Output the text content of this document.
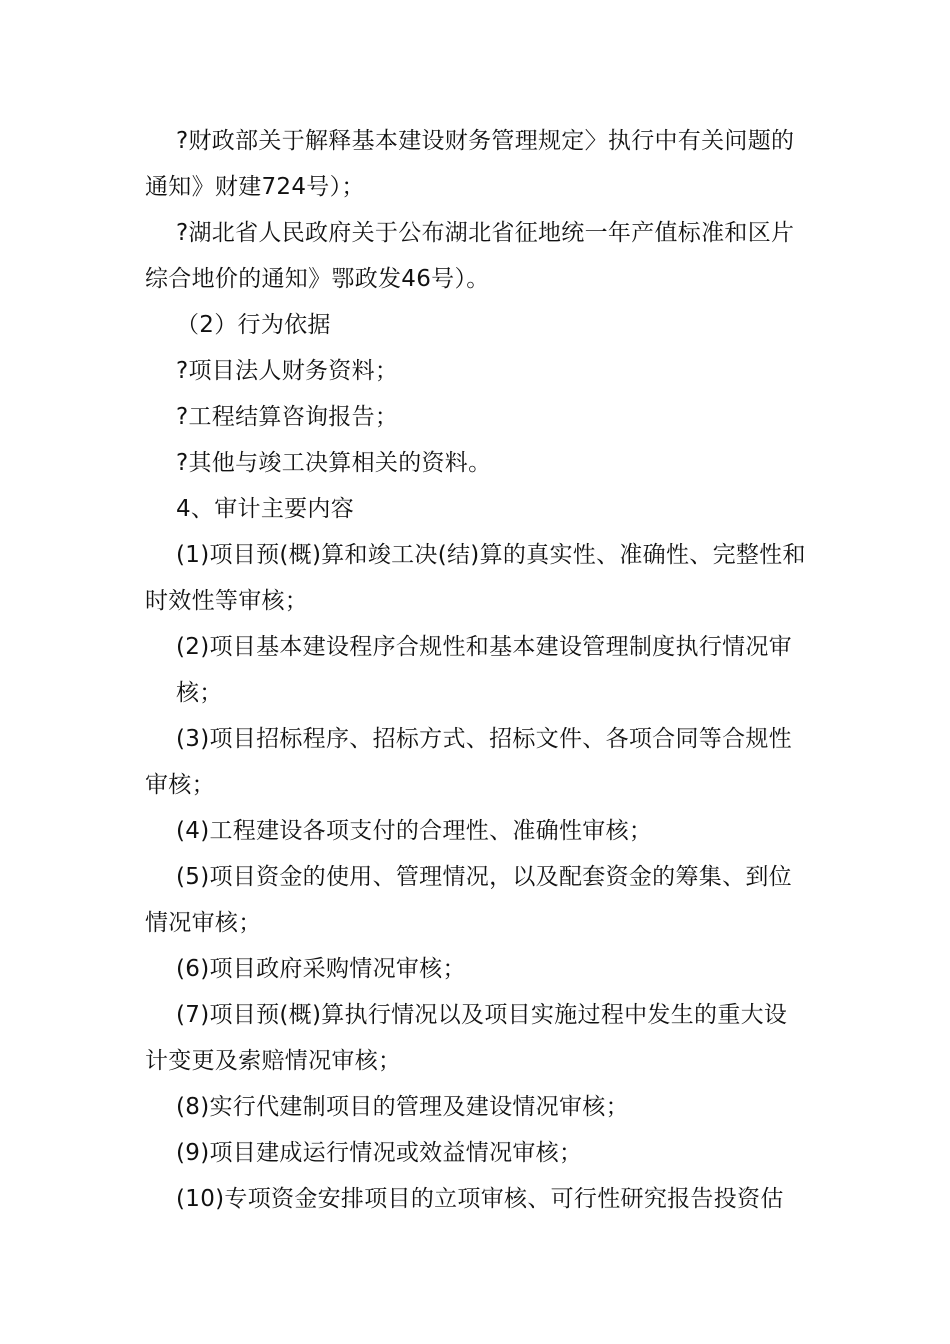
?财政部关于解释基本建设财务管理规定〉执行中有关问题的通知》财建724号）；

?湖北省人民政府关于公布湖北省征地统一年产值标准和区片综合地价的通知》鄂政发46号）。

（2）行为依据

?项目法人财务资料；

?工程结算咨询报告；

?其他与竣工决算相关的资料。

4、审计主要内容

(1)项目预(概)算和竣工决(结)算的真实性、准确性、完整性和时效性等审核；

(2)项目基本建设程序合规性和基本建设管理制度执行情况审核；

(3)项目招标程序、招标方式、招标文件、各项合同等合规性审核；

(4)工程建设各项支付的合理性、准确性审核；

(5)项目资金的使用、管理情况，以及配套资金的筹集、到位情况审核；

(6)项目政府采购情况审核；

(7)项目预(概)算执行情况以及项目实施过程中发生的重大设计变更及索赔情况审核；

(8)实行代建制项目的管理及建设情况审核；

(9)项目建成运行情况或效益情况审核；

(10)专项资金安排项目的立项审核、可行性研究报告投资估
